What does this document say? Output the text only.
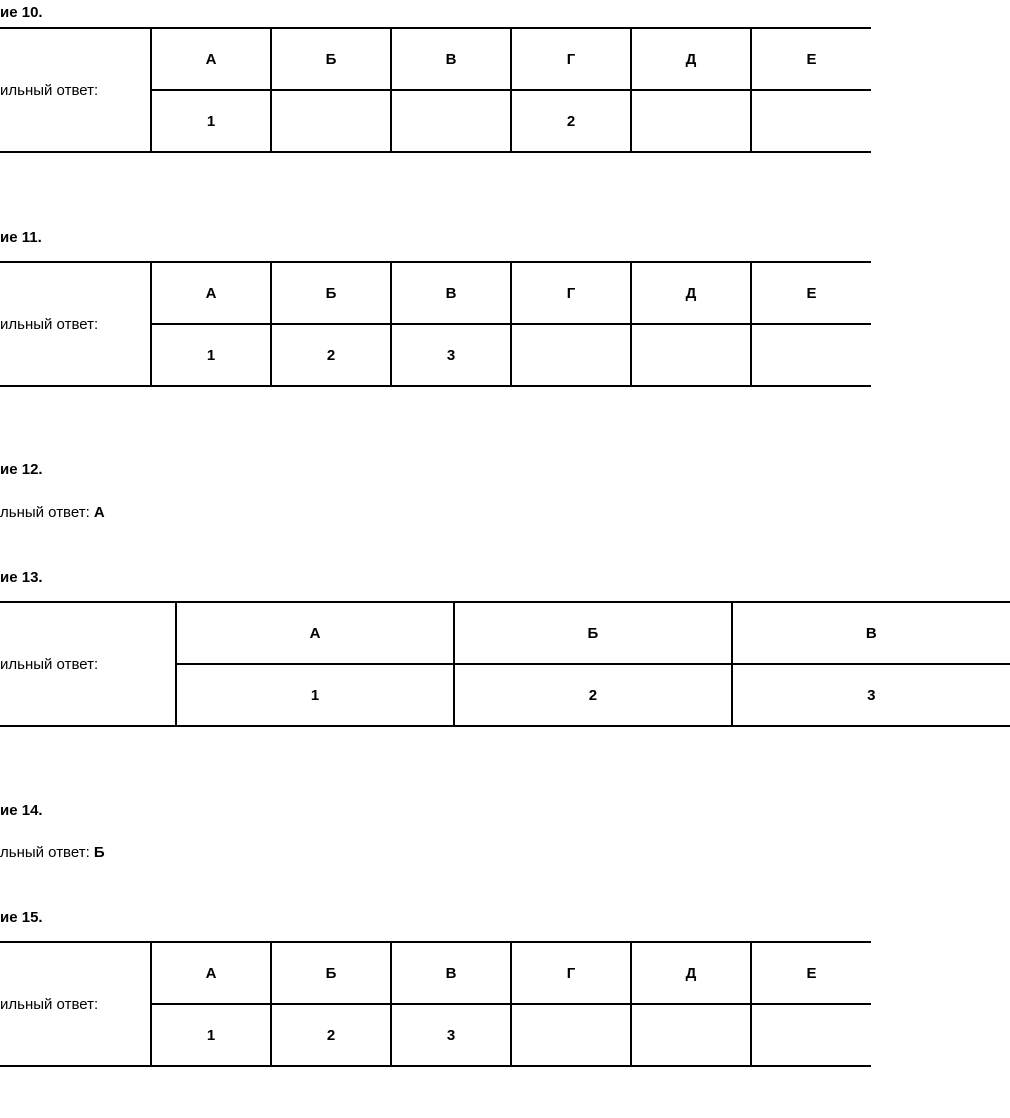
ие 10.
ильный ответ:	А	Б	В	Г	Д	Е
	1			2		
ие 11.
ильный ответ:	А	Б	В	Г	Д	Е
	1	2	3			
ие 12.
льный ответ: А
ие 13.
ильный ответ:	А	Б	В
	1	2	3
ие 14.
льный ответ: Б
ие 15.
ильный ответ:	А	Б	В	Г	Д	Е
	1	2	3			
